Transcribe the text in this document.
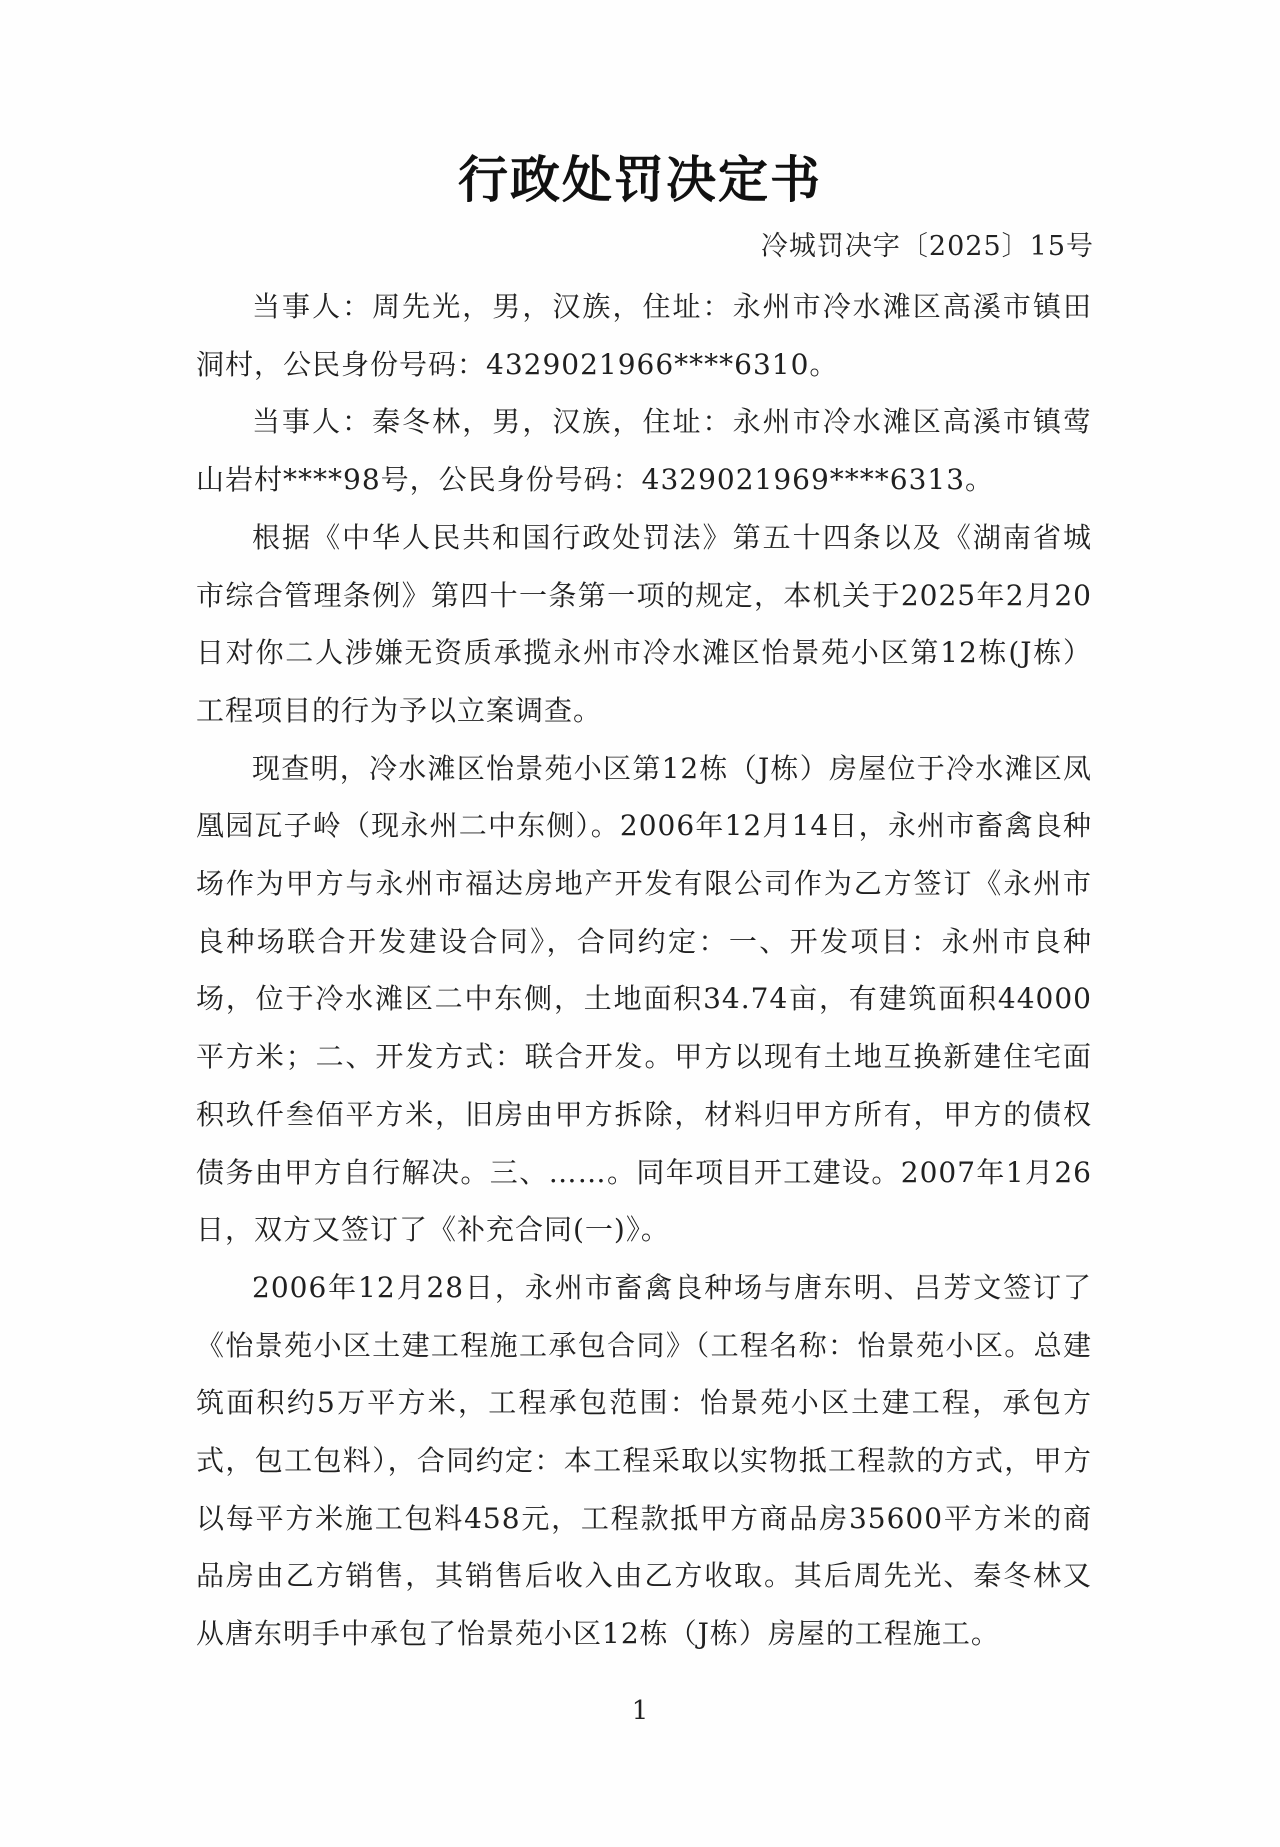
行政处罚决定书
冷城罚决字〔2025〕15号

当事人：周先光，男，汉族，住址：永州市冷水滩区高溪市镇田洞村，公民身份号码：4329021966****6310。

当事人：秦冬林，男，汉族，住址：永州市冷水滩区高溪市镇莺山岩村****98号，公民身份号码：4329021969****6313。

根据《中华人民共和国行政处罚法》第五十四条以及《湖南省城市综合管理条例》第四十一条第一项的规定，本机关于2025年2月20日对你二人涉嫌无资质承揽永州市冷水滩区怡景苑小区第12栋(J栋）工程项目的行为予以立案调查。

现查明，冷水滩区怡景苑小区第12栋（J栋）房屋位于冷水滩区凤凰园瓦子岭（现永州二中东侧）。2006年12月14日，永州市畜禽良种场作为甲方与永州市福达房地产开发有限公司作为乙方签订《永州市良种场联合开发建设合同》，合同约定：一、开发项目：永州市良种场，位于冷水滩区二中东侧，土地面积34.74亩，有建筑面积44000平方米；二、开发方式：联合开发。甲方以现有土地互换新建住宅面积玖仟叁佰平方米，旧房由甲方拆除，材料归甲方所有，甲方的债权债务由甲方自行解决。三、……。同年项目开工建设。2007年1月26日，双方又签订了《补充合同(一)》。

2006年12月28日，永州市畜禽良种场与唐东明、吕芳文签订了《怡景苑小区土建工程施工承包合同》（工程名称：怡景苑小区。总建筑面积约5万平方米，工程承包范围：怡景苑小区土建工程，承包方式，包工包料），合同约定：本工程采取以实物抵工程款的方式，甲方以每平方米施工包料458元，工程款抵甲方商品房35600平方米的商品房由乙方销售，其销售后收入由乙方收取。其后周先光、秦冬林又从唐东明手中承包了怡景苑小区12栋（J栋）房屋的工程施工。

1
